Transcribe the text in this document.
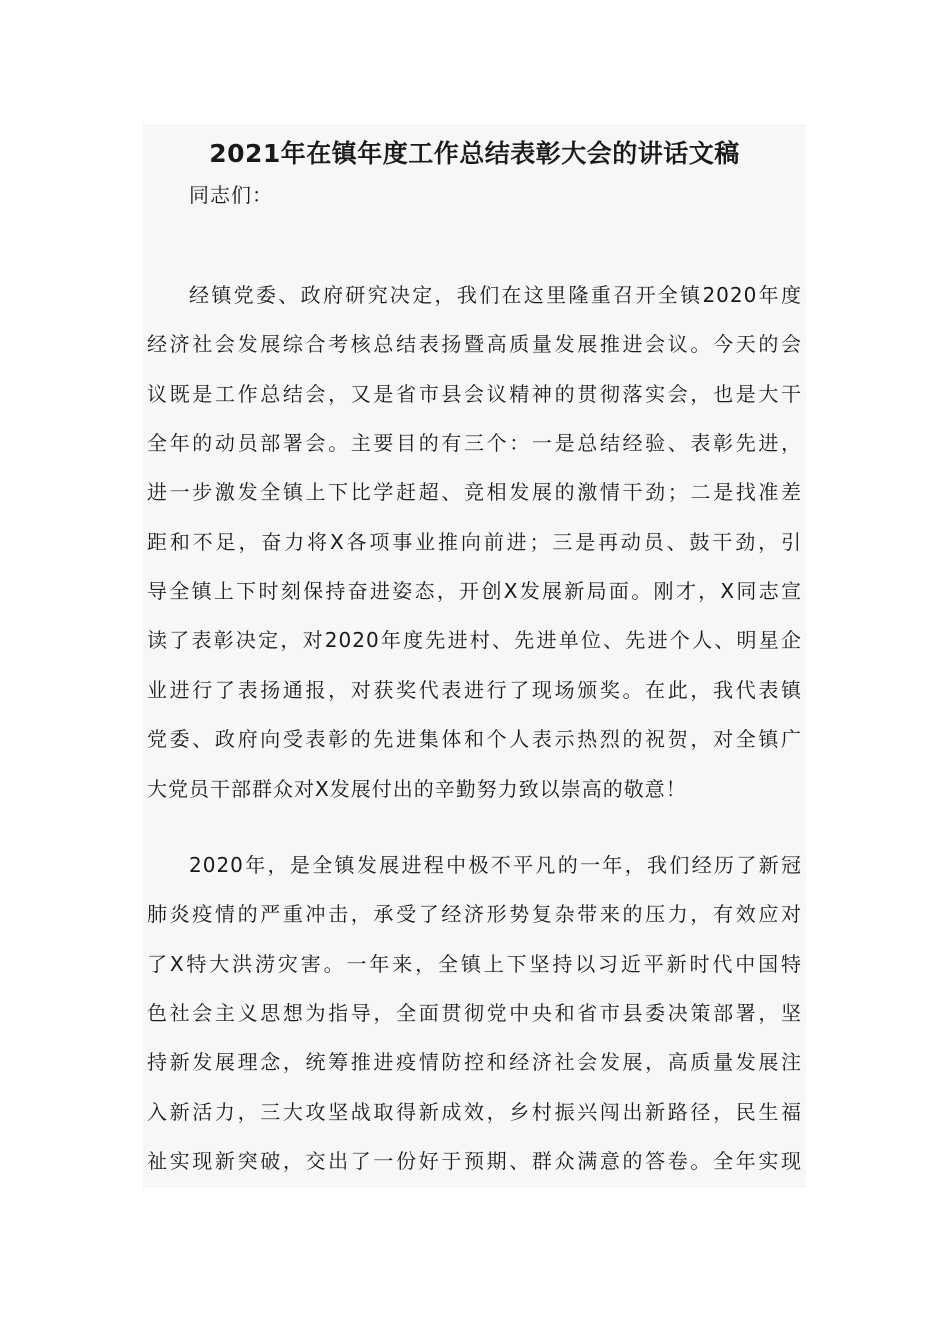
2021年在镇年度工作总结表彰大会的讲话文稿
同志们：
经镇党委、政府研究决定，我们在这里隆重召开全镇2020年度
经济社会发展综合考核总结表扬暨高质量发展推进会议。今天的会
议既是工作总结会，又是省市县会议精神的贯彻落实会，也是大干
全年的动员部署会。主要目的有三个：一是总结经验、表彰先进，
进一步激发全镇上下比学赶超、竞相发展的激情干劲；二是找准差
距和不足，奋力将X各项事业推向前进；三是再动员、鼓干劲，引
导全镇上下时刻保持奋进姿态，开创X发展新局面。刚才，X同志宣
读了表彰决定，对2020年度先进村、先进单位、先进个人、明星企
业进行了表扬通报，对获奖代表进行了现场颁奖。在此，我代表镇
党委、政府向受表彰的先进集体和个人表示热烈的祝贺，对全镇广
大党员干部群众对X发展付出的辛勤努力致以崇高的敬意！
2020年，是全镇发展进程中极不平凡的一年，我们经历了新冠
肺炎疫情的严重冲击，承受了经济形势复杂带来的压力，有效应对
了X特大洪涝灾害。一年来，全镇上下坚持以习近平新时代中国特
色社会主义思想为指导，全面贯彻党中央和省市县委决策部署，坚
持新发展理念，统筹推进疫情防控和经济社会发展，高质量发展注
入新活力，三大攻坚战取得新成效，乡村振兴闯出新路径，民生福
祉实现新突破，交出了一份好于预期、群众满意的答卷。全年实现
